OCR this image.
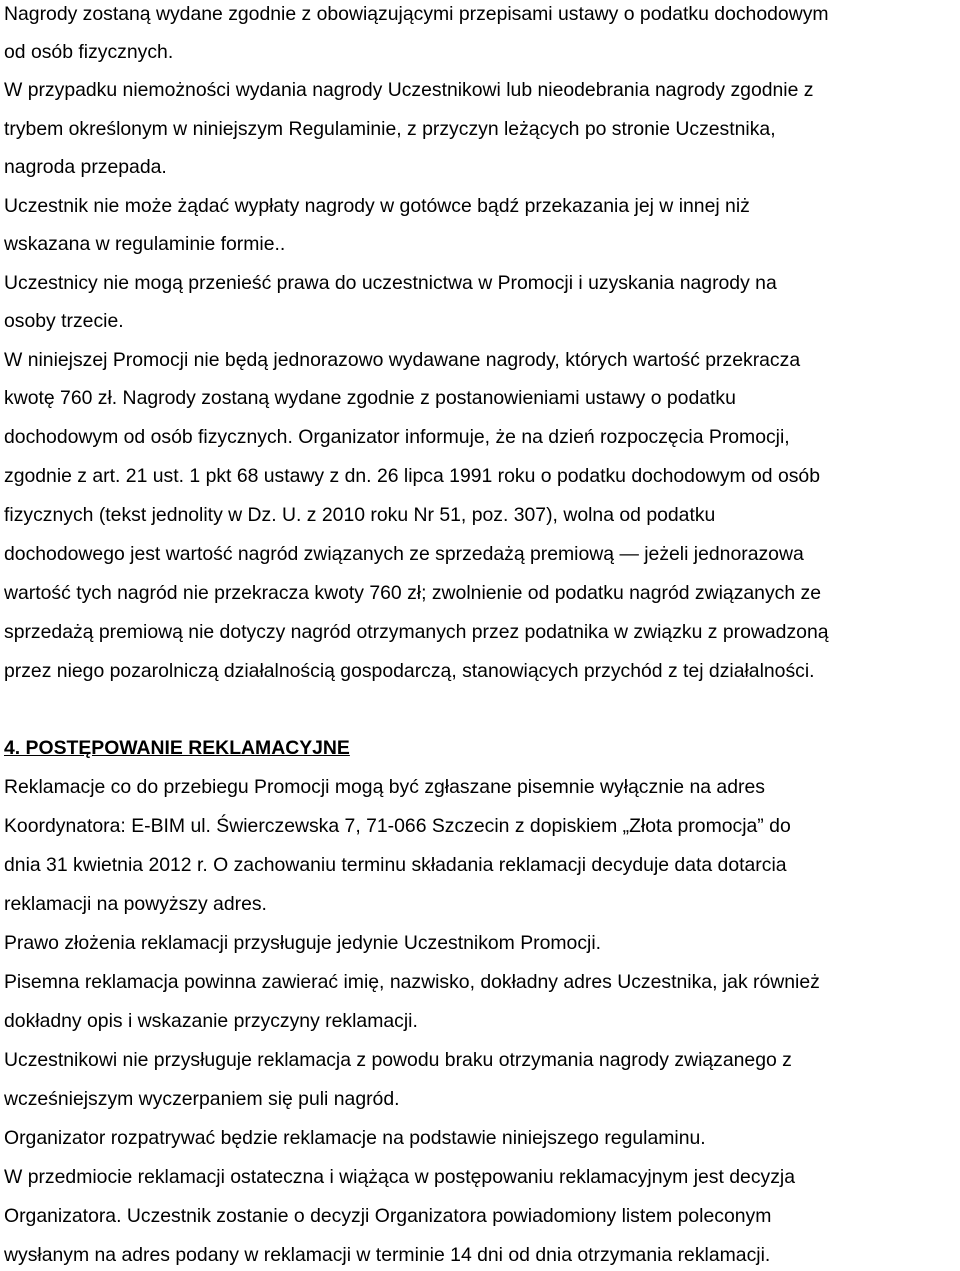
Nagrody zostaną wydane zgodnie z obowiązującymi przepisami ustawy o podatku dochodowym
od osób fizycznych.
W przypadku niemożności wydania nagrody Uczestnikowi lub nieodebrania nagrody zgodnie z
trybem określonym w niniejszym Regulaminie, z przyczyn leżących po stronie Uczestnika,
nagroda przepada.
Uczestnik nie może żądać wypłaty nagrody w gotówce bądź przekazania jej w innej niż
wskazana w regulaminie formie..
Uczestnicy nie mogą przenieść prawa do uczestnictwa w Promocji i uzyskania nagrody na
osoby trzecie.
W niniejszej Promocji nie będą jednorazowo wydawane nagrody, których wartość przekracza
kwotę 760 zł. Nagrody zostaną wydane zgodnie z postanowieniami ustawy o podatku
dochodowym od osób fizycznych. Organizator informuje, że na dzień rozpoczęcia Promocji,
zgodnie z art. 21 ust. 1 pkt 68 ustawy z dn. 26 lipca 1991 roku o podatku dochodowym od osób
fizycznych (tekst jednolity w Dz. U. z 2010 roku Nr 51, poz. 307), wolna od podatku
dochodowego jest wartość nagród związanych ze sprzedażą premiową — jeżeli jednorazowa
wartość tych nagród nie przekracza kwoty 760 zł; zwolnienie od podatku nagród związanych ze
sprzedażą premiową nie dotyczy nagród otrzymanych przez podatnika w związku z prowadzoną
przez niego pozarolniczą działalnością gospodarczą, stanowiących przychód z tej działalności.
4. POSTĘPOWANIE REKLAMACYJNE
Reklamacje co do przebiegu Promocji mogą być zgłaszane pisemnie wyłącznie na adres
Koordynatora: E-BIM ul. Świerczewska 7, 71-066 Szczecin z dopiskiem „Złota promocja” do
dnia 31 kwietnia 2012 r. O zachowaniu terminu składania reklamacji decyduje data dotarcia
reklamacji na powyższy adres.
Prawo złożenia reklamacji przysługuje jedynie Uczestnikom Promocji.
Pisemna reklamacja powinna zawierać imię, nazwisko, dokładny adres Uczestnika, jak również
dokładny opis i wskazanie przyczyny reklamacji.
Uczestnikowi nie przysługuje reklamacja z powodu braku otrzymania nagrody związanego z
wcześniejszym wyczerpaniem się puli nagród.
Organizator rozpatrywać będzie reklamacje na podstawie niniejszego regulaminu.
W przedmiocie reklamacji ostateczna i wiążąca w postępowaniu reklamacyjnym jest decyzja
Organizatora. Uczestnik zostanie o decyzji Organizatora powiadomiony listem poleconym
wysłanym na adres podany w reklamacji w terminie 14 dni od dnia otrzymania reklamacji.
